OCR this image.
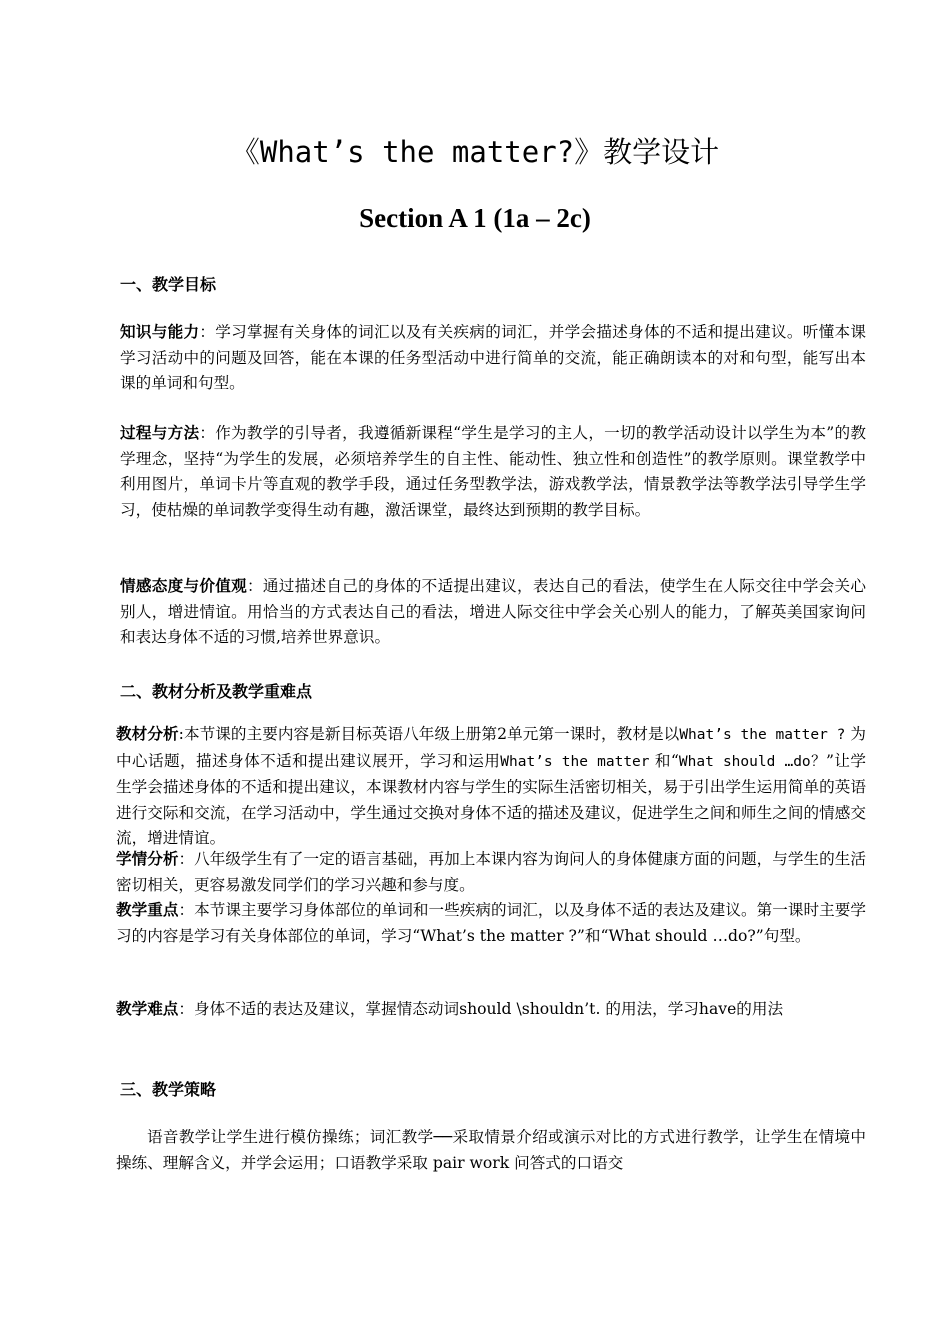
《What’s the matter?》教学设计
Section A 1 (1a – 2c)
一、教学目标
知识与能力：学习掌握有关身体的词汇以及有关疾病的词汇，并学会描述身体的不适和提出建议。听懂本课学习活动中的问题及回答，能在本课的任务型活动中进行简单的交流，能正确朗读本的对和句型，能写出本课的单词和句型。
过程与方法：作为教学的引导者，我遵循新课程“学生是学习的主人，一切的教学活动设计以学生为本”的教学理念，坚持“为学生的发展，必须培养学生的自主性、能动性、独立性和创造性”的教学原则。课堂教学中利用图片，单词卡片等直观的教学手段，通过任务型教学法，游戏教学法，情景教学法等教学法引导学生学习，使枯燥的单词教学变得生动有趣，激活课堂，最终达到预期的教学目标。
情感态度与价值观：通过描述自己的身体的不适提出建议，表达自己的看法，使学生在人际交往中学会关心别人，增进情谊。用恰当的方式表达自己的看法，增进人际交往中学会关心别人的能力，了解英美国家询问和表达身体不适的习惯,培养世界意识。
二、教材分析及教学重难点
教材分析:本节课的主要内容是新目标英语八年级上册第2单元第一课时，教材是以What’s the matter ? 为中心话题，描述身体不适和提出建议展开，学习和运用What’s the matter 和“What should …do？”让学生学会描述身体的不适和提出建议，本课教材内容与学生的实际生活密切相关，易于引出学生运用简单的英语进行交际和交流，在学习活动中，学生通过交换对身体不适的描述及建议，促进学生之间和师生之间的情感交流，增进情谊。
学情分析：八年级学生有了一定的语言基础，再加上本课内容为询问人的身体健康方面的问题，与学生的生活密切相关，更容易激发同学们的学习兴趣和参与度。
教学重点：本节课主要学习身体部位的单词和一些疾病的词汇，以及身体不适的表达及建议。第一课时主要学习的内容是学习有关身体部位的单词，学习“What’s the matter ?”和“What should …do?”句型。
教学难点：身体不适的表达及建议，掌握情态动词should \shouldn’t. 的用法，学习have的用法
三、教学策略
语音教学让学生进行模仿操练；词汇教学──采取情景介绍或演示对比的方式进行教学，让学生在情境中操练、理解含义，并学会运用；口语教学采取 pair work 问答式的口语交
